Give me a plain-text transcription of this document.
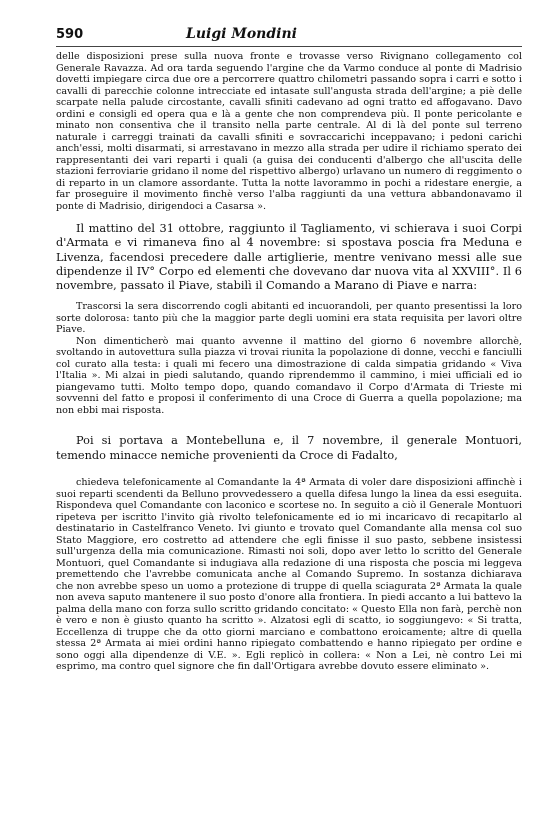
590	Luigi Mondini

delle disposizioni prese sulla nuova fronte e trovasse verso Rivignano collegamento col Generale Ravazza. Ad ora tarda seguendo l'argine che da Varmo conduce al ponte di Madrisio dovetti impiegare circa due ore a percorrere quattro chilometri passando sopra i carri e sotto i cavalli di parecchie colonne intrecciate ed intasate sull'angusta strada dell'argine; a piè delle scarpate nella palude circostante, cavalli sfiniti cadevano ad ogni tratto ed affogavano. Davo ordini e consigli ed opera qua e là a gente che non comprendeva più. Il ponte pericolante e minato non consentiva che il transito nella parte centrale. Al di là del ponte sul terreno naturale i carreggi trainati da cavalli sfiniti e sovraccarichi inceppavano; i pedoni carichi anch'essi, molti disarmati, si arrestavano in mezzo alla strada per udire il richiamo sperato dei rappresentanti dei vari reparti i quali (a guisa dei conducenti d'albergo che all'uscita delle stazioni ferroviarie gridano il nome del rispettivo albergo) urlavano un numero di reggimento o di reparto in un clamore assordante. Tutta la notte lavorammo in pochi a ridestare energie, a far proseguire il movimento finchè verso l'alba raggiunti da una vettura abbandonavamo il ponte di Madrisio, dirigendoci a Casarsa ».

Il mattino del 31 ottobre, raggiunto il Tagliamento, vi schierava i suoi Corpi d'Armata e vi rimaneva fino al 4 novembre: si spostava poscia fra Meduna e Livenza, facendosi precedere dalle artiglierie, mentre venivano messi alle sue dipendenze il IV° Corpo ed elementi che dovevano dar nuova vita al XXVIII°. Il 6 novembre, passato il Piave, stabilì il Comando a Marano di Piave e narra:

Trascorsi la sera discorrendo cogli abitanti ed incuorandoli, per quanto presentissi la loro sorte dolorosa: tanto più che la maggior parte degli uomini era stata requisita per lavori oltre Piave.

Non dimenticherò mai quanto avvenne il mattino del giorno 6 novembre allorchè, svoltando in autovettura sulla piazza vi trovai riunita la popolazione di donne, vecchi e fanciulli col curato alla testa: i quali mi fecero una dimostrazione di calda simpatia gridando « Viva l'Italia ». Mi alzai in piedi salutando, quando riprendemmo il cammino, i miei ufficiali ed io piangevamo tutti. Molto tempo dopo, quando comandavo il Corpo d'Armata di Trieste mi sovvenni del fatto e proposi il conferimento di una Croce di Guerra a quella popolazione; ma non ebbi mai risposta.

Poi si portava a Montebelluna e, il 7 novembre, il generale Montuori, temendo minacce nemiche provenienti da Croce di Fadalto,

chiedeva telefonicamente al Comandante la 4ª Armata di voler dare disposizioni affinchè i suoi reparti scendenti da Belluno provvedessero a quella difesa lungo la linea da essi eseguita. Rispondeva quel Comandante con laconico e scortese no. In seguito a ciò il Generale Montuori ripeteva per iscritto l'invito già rivolto telefonicamente ed io mi incaricavo di recapitarlo al destinatario in Castelfranco Veneto. Ivi giunto e trovato quel Comandante alla mensa col suo Stato Maggiore, ero costretto ad attendere che egli finisse il suo pasto, sebbene insistessi sull'urgenza della mia comunicazione. Rimasti noi soli, dopo aver letto lo scritto del Generale Montuori, quel Comandante si indugiava alla redazione di una risposta che poscia mi leggeva premettendo che l'avrebbe comunicata anche al Comando Supremo. In sostanza dichiarava che non avrebbe speso un uomo a protezione di truppe di quella sciagurata 2ª Armata la quale non aveva saputo mantenere il suo posto d'onore alla frontiera. In piedi accanto a lui battevo la palma della mano con forza sullo scritto gridando concitato: « Questo Ella non farà, perchè non è vero e non è giusto quanto ha scritto ». Alzatosi egli di scatto, io soggiungevo: « Si tratta, Eccellenza di truppe che da otto giorni marciano e combattono eroicamente; altre di quella stessa 2ª Armata ai miei ordini hanno ripiegato combattendo e hanno ripiegato per ordine e sono oggi alla dipendenze di V.E. ». Egli replicò in collera: « Non a Lei, nè contro Lei mi esprimo, ma contro quel signore che fin dall'Ortigara avrebbe dovuto essere eliminato ».
